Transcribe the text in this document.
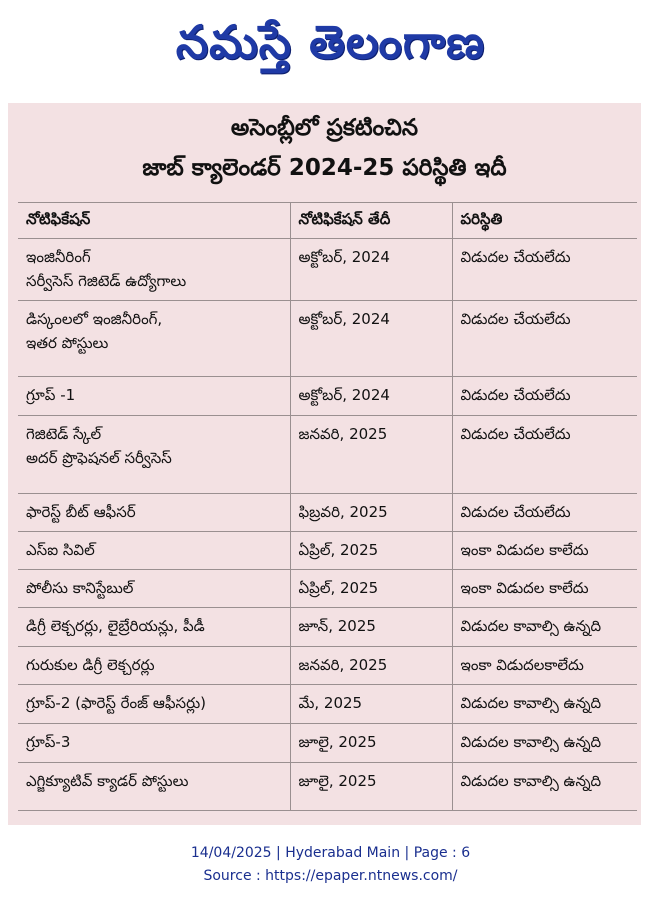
నమస్తే తెలంగాణ
అసెంబ్లీలో ప్రకటించిన
జాబ్ క్యాలెండర్ 2024-25 పరిస్థితి ఇదీ
నోటిఫికేషన్	నోటిఫికేషన్ తేదీ	పరిస్థితి
ఇంజినీరింగ్
సర్వీసెస్ గెజిటెడ్ ఉద్యోగాలు	అక్టోబర్, 2024	విడుదల చేయలేదు
డిస్కంలలో ఇంజినీరింగ్,
ఇతర పోస్టులు	అక్టోబర్, 2024	విడుదల చేయలేదు
గ్రూప్ -1	అక్టోబర్, 2024	విడుదల చేయలేదు
గెజిటెడ్ స్కేల్
అదర్ ప్రొఫెషనల్ సర్వీసెస్	జనవరి, 2025	విడుదల చేయలేదు
ఫారెస్ట్ బీట్ ఆఫీసర్	ఫిబ్రవరి, 2025	విడుదల చేయలేదు
ఎస్ఐ సివిల్	ఏప్రిల్, 2025	ఇంకా విడుదల కాలేదు
పోలీసు కానిస్టేబుల్	ఏప్రిల్, 2025	ఇంకా విడుదల కాలేదు
డిగ్రీ లెక్చరర్లు, లైబ్రేరియన్లు, పీడీ	జూన్, 2025	విడుదల కావాల్సి ఉన్నది
గురుకుల డిగ్రీ లెక్చరర్లు	జనవరి, 2025	ఇంకా విడుదలకాలేదు
గ్రూప్-2 (ఫారెస్ట్ రేంజ్ ఆఫీసర్లు)	మే, 2025	విడుదల కావాల్సి ఉన్నది
గ్రూప్-3	జూలై, 2025	విడుదల కావాల్సి ఉన్నది
ఎగ్జిక్యూటివ్ క్యాడర్ పోస్టులు	జూలై, 2025	విడుదల కావాల్సి ఉన్నది
14/04/2025 | Hyderabad Main | Page : 6
Source : https://epaper.ntnews.com/
